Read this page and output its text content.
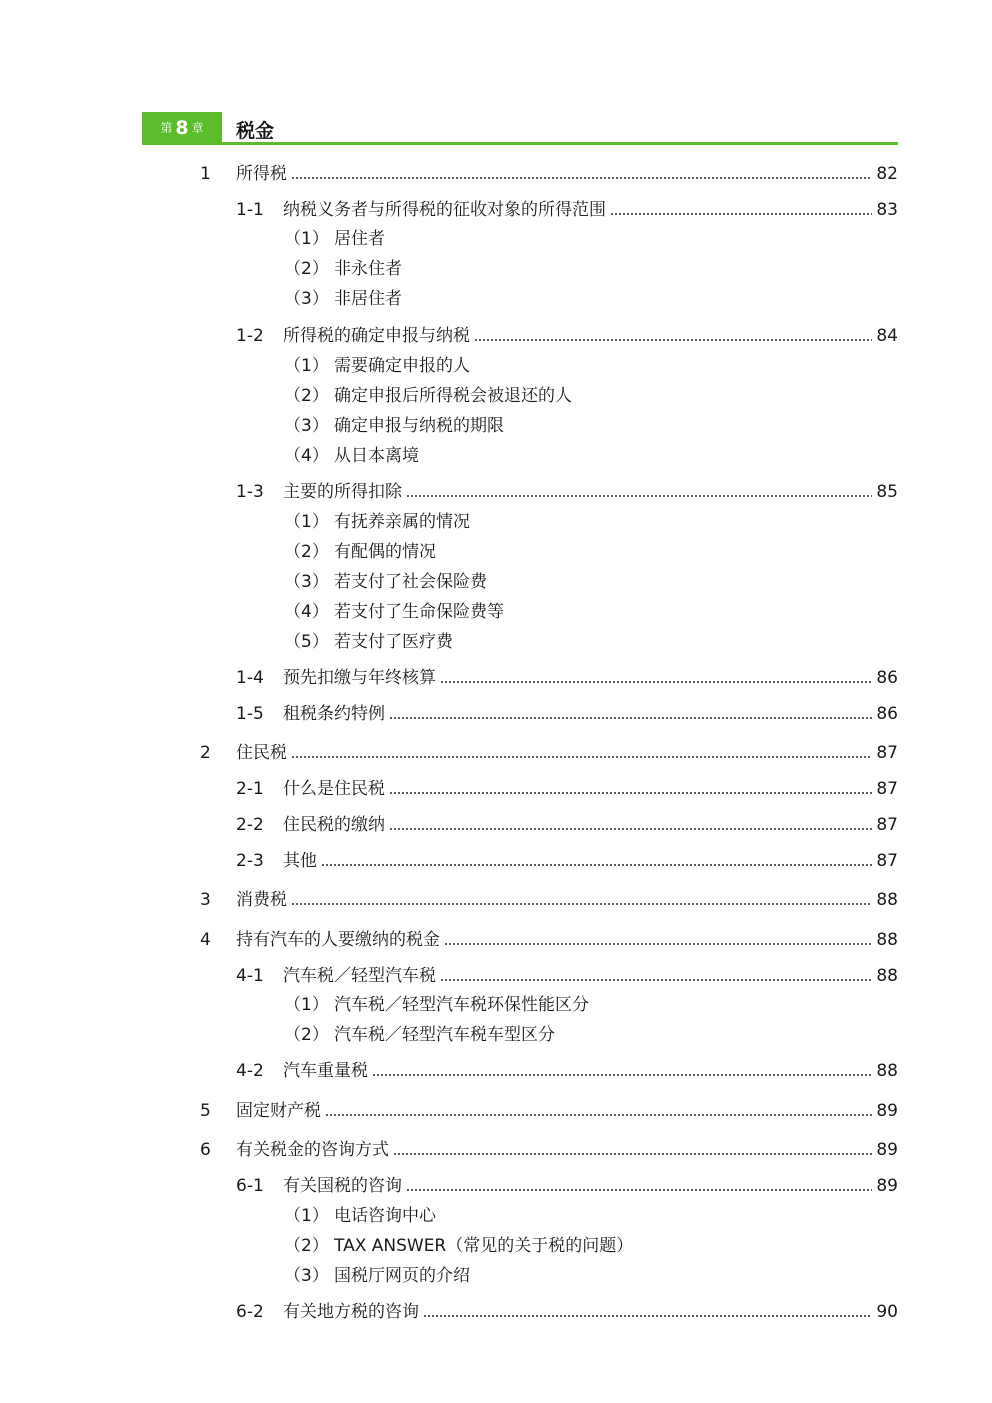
第 8 章 税金
1	所得税	82
1-1	纳税义务者与所得税的征收对象的所得范围	83
（1） 居住者
（2） 非永住者
（3） 非居住者
1-2	所得税的确定申报与纳税	84
（1） 需要确定申报的人
（2） 确定申报后所得税会被退还的人
（3） 确定申报与纳税的期限
（4） 从日本离境
1-3	主要的所得扣除	85
（1） 有抚养亲属的情况
（2） 有配偶的情况
（3） 若支付了社会保险费
（4） 若支付了生命保险费等
（5） 若支付了医疗费
1-4	预先扣缴与年终核算	86
1-5	租税条约特例	86
2	住民税	87
2-1	什么是住民税	87
2-2	住民税的缴纳	87
2-3	其他	87
3	消费税	88
4	持有汽车的人要缴纳的税金	88
4-1	汽车税／轻型汽车税	88
（1） 汽车税／轻型汽车税环保性能区分
（2） 汽车税／轻型汽车税车型区分
4-2	汽车重量税	88
5	固定财产税	89
6	有关税金的咨询方式	89
6-1	有关国税的咨询	89
（1） 电话咨询中心
（2） TAX ANSWER（常见的关于税的问题）
（3） 国税厅网页的介绍
6-2	有关地方税的咨询	90
